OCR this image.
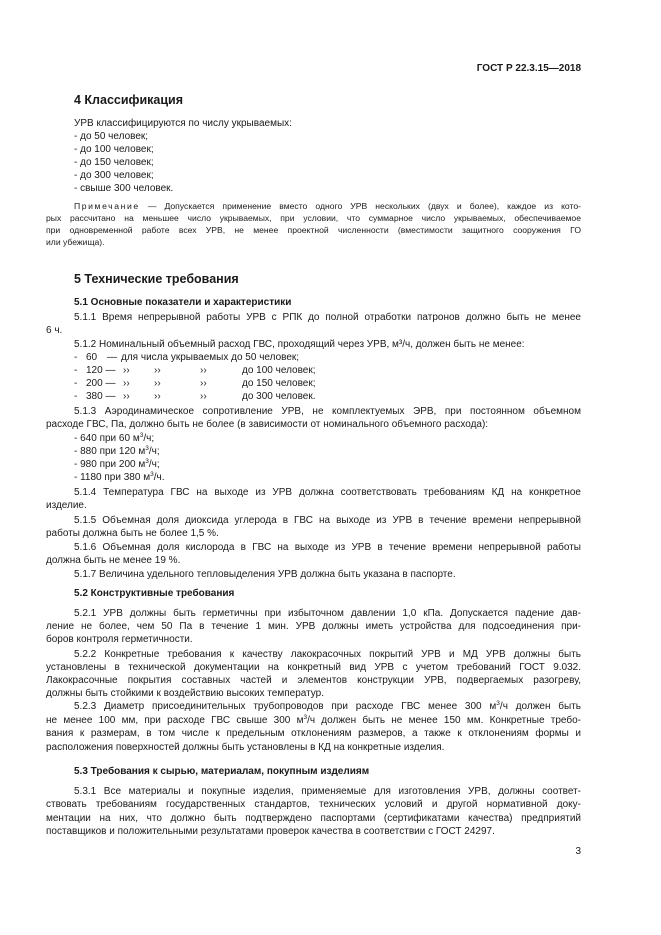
ГОСТ Р 22.3.15—2018
4 Классификация
УРВ классифицируются по числу укрываемых:
- до 50 человек;
- до 100 человек;
- до 150 человек;
- до 300 человек;
- свыше 300 человек.
Примечание — Допускается применение вместо одного УРВ нескольких (двух и более), каждое из кото-
рых рассчитано на меньшее число укрываемых, при условии, что суммарное число укрываемых, обеспечиваемое
при одновременной работе всех УРВ, не менее проектной численности (вместимости защитного сооружения ГО
или убежища).
5 Технические требования
5.1 Основные показатели и характеристики
5.1.1 Время непрерывной работы УРВ с РПК до полной отработки патронов должно быть не менее
6 ч.
5.1.2 Номинальный объемный расход ГВС, проходящий через УРВ, м³/ч, должен быть не менее:
- 60 — для числа укрываемых до 50 человек;
- 120 — ›› ››	››	до 100 человек;
- 200 — ›› ››	››	до 150 человек;
- 380 — ›› ››	››	до 300 человек.
5.1.3 Аэродинамическое сопротивление УРВ, не комплектуемых ЭРВ, при постоянном объемном
расходе ГВС, Па, должно быть не более (в зависимости от номинального объемного расхода):
- 640 при 60 $м^3/ч$;
- 880 при 120 $м^3/ч$;
- 980 при 200 $м^3/ч$;
- 1180 при 380 $м^3/ч$.
5.1.4 Температура ГВС на выходе из УРВ должна соответствовать требованиям КД на конкретное
изделие.
5.1.5 Объемная доля диоксида углерода в ГВС на выходе из УРВ в течение времени непрерывной
работы должна быть не более 1,5 %.
5.1.6 Объемная доля кислорода в ГВС на выходе из УРВ в течение времени непрерывной работы
должна быть не менее 19 %.
5.1.7 Величина удельного тепловыделения УРВ должна быть указана в паспорте.
5.2 Конструктивные требования
5.2.1 УРВ должны быть герметичны при избыточном давлении 1,0 кПа. Допускается падение дав-
ление не более, чем 50 Па в течение 1 мин. УРВ должны иметь устройства для подсоединения при-
боров контроля герметичности.
5.2.2 Конкретные требования к качеству лакокрасочных покрытий УРВ и МД УРВ должны быть
установлены в технической документации на конкретный вид УРВ с учетом требований ГОСТ 9.032.
Лакокрасочные покрытия составных частей и элементов конструкции УРВ, подвергаемых разогреву,
должны быть стойкими к воздействию высоких температур.
5.2.3 Диаметр присоединительных трубопроводов при расходе ГВС менее 300 $м^3/ч$ должен быть
не менее 100 мм, при расходе ГВС свыше 300 $м^3/ч$ должен быть не менее 150 мм. Конкретные требо-
вания к размерам, в том числе к предельным отклонениям размеров, а также к отклонениям формы и
расположения поверхностей должны быть установлены в КД на конкретные изделия.
5.3 Требования к сырью, материалам, покупным изделиям
5.3.1 Все материалы и покупные изделия, применяемые для изготовления УРВ, должны соответ-
ствовать требованиям государственных стандартов, технических условий и другой нормативной доку-
ментации на них, что должно быть подтверждено паспортами (сертификатами качества) предприятий
поставщиков и положительными результатами проверок качества в соответствии с ГОСТ 24297.
3
